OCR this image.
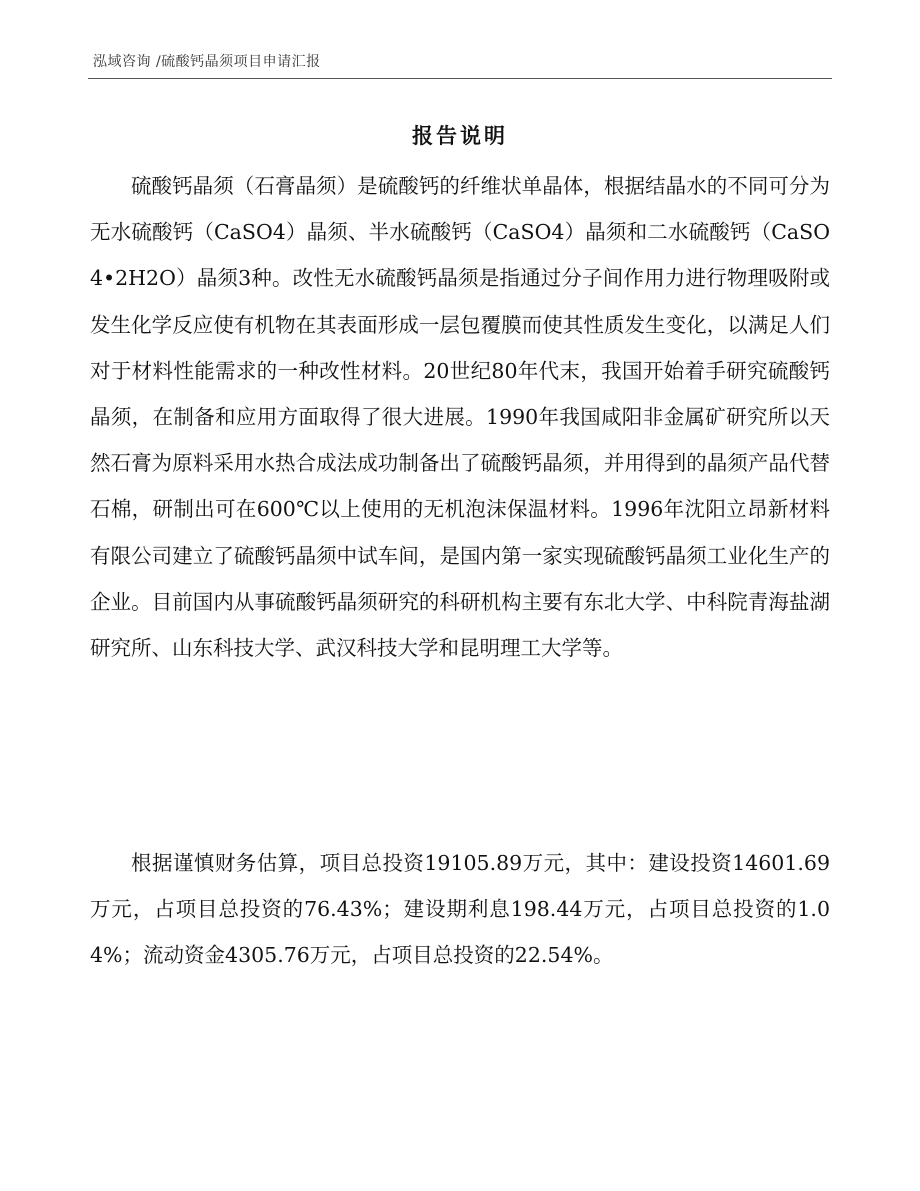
泓域咨询 /硫酸钙晶须项目申请汇报
报告说明

硫酸钙晶须（石膏晶须）是硫酸钙的纤维状单晶体，根据结晶水的不同可分为无水硫酸钙（CaSO4）晶须、半水硫酸钙（CaSO4）晶须和二水硫酸钙（CaSO4•2H2O）晶须3种。改性无水硫酸钙晶须是指通过分子间作用力进行物理吸附或发生化学反应使有机物在其表面形成一层包覆膜而使其性质发生变化，以满足人们对于材料性能需求的一种改性材料。20世纪80年代末，我国开始着手研究硫酸钙晶须，在制备和应用方面取得了很大进展。1990年我国咸阳非金属矿研究所以天然石膏为原料采用水热合成法成功制备出了硫酸钙晶须，并用得到的晶须产品代替石棉，研制出可在600℃以上使用的无机泡沫保温材料。1996年沈阳立昂新材料有限公司建立了硫酸钙晶须中试车间，是国内第一家实现硫酸钙晶须工业化生产的企业。目前国内从事硫酸钙晶须研究的科研机构主要有东北大学、中科院青海盐湖研究所、山东科技大学、武汉科技大学和昆明理工大学等。

根据谨慎财务估算，项目总投资19105.89万元，其中：建设投资14601.69万元，占项目总投资的76.43%；建设期利息198.44万元，占项目总投资的1.04%；流动资金4305.76万元，占项目总投资的22.54%。
